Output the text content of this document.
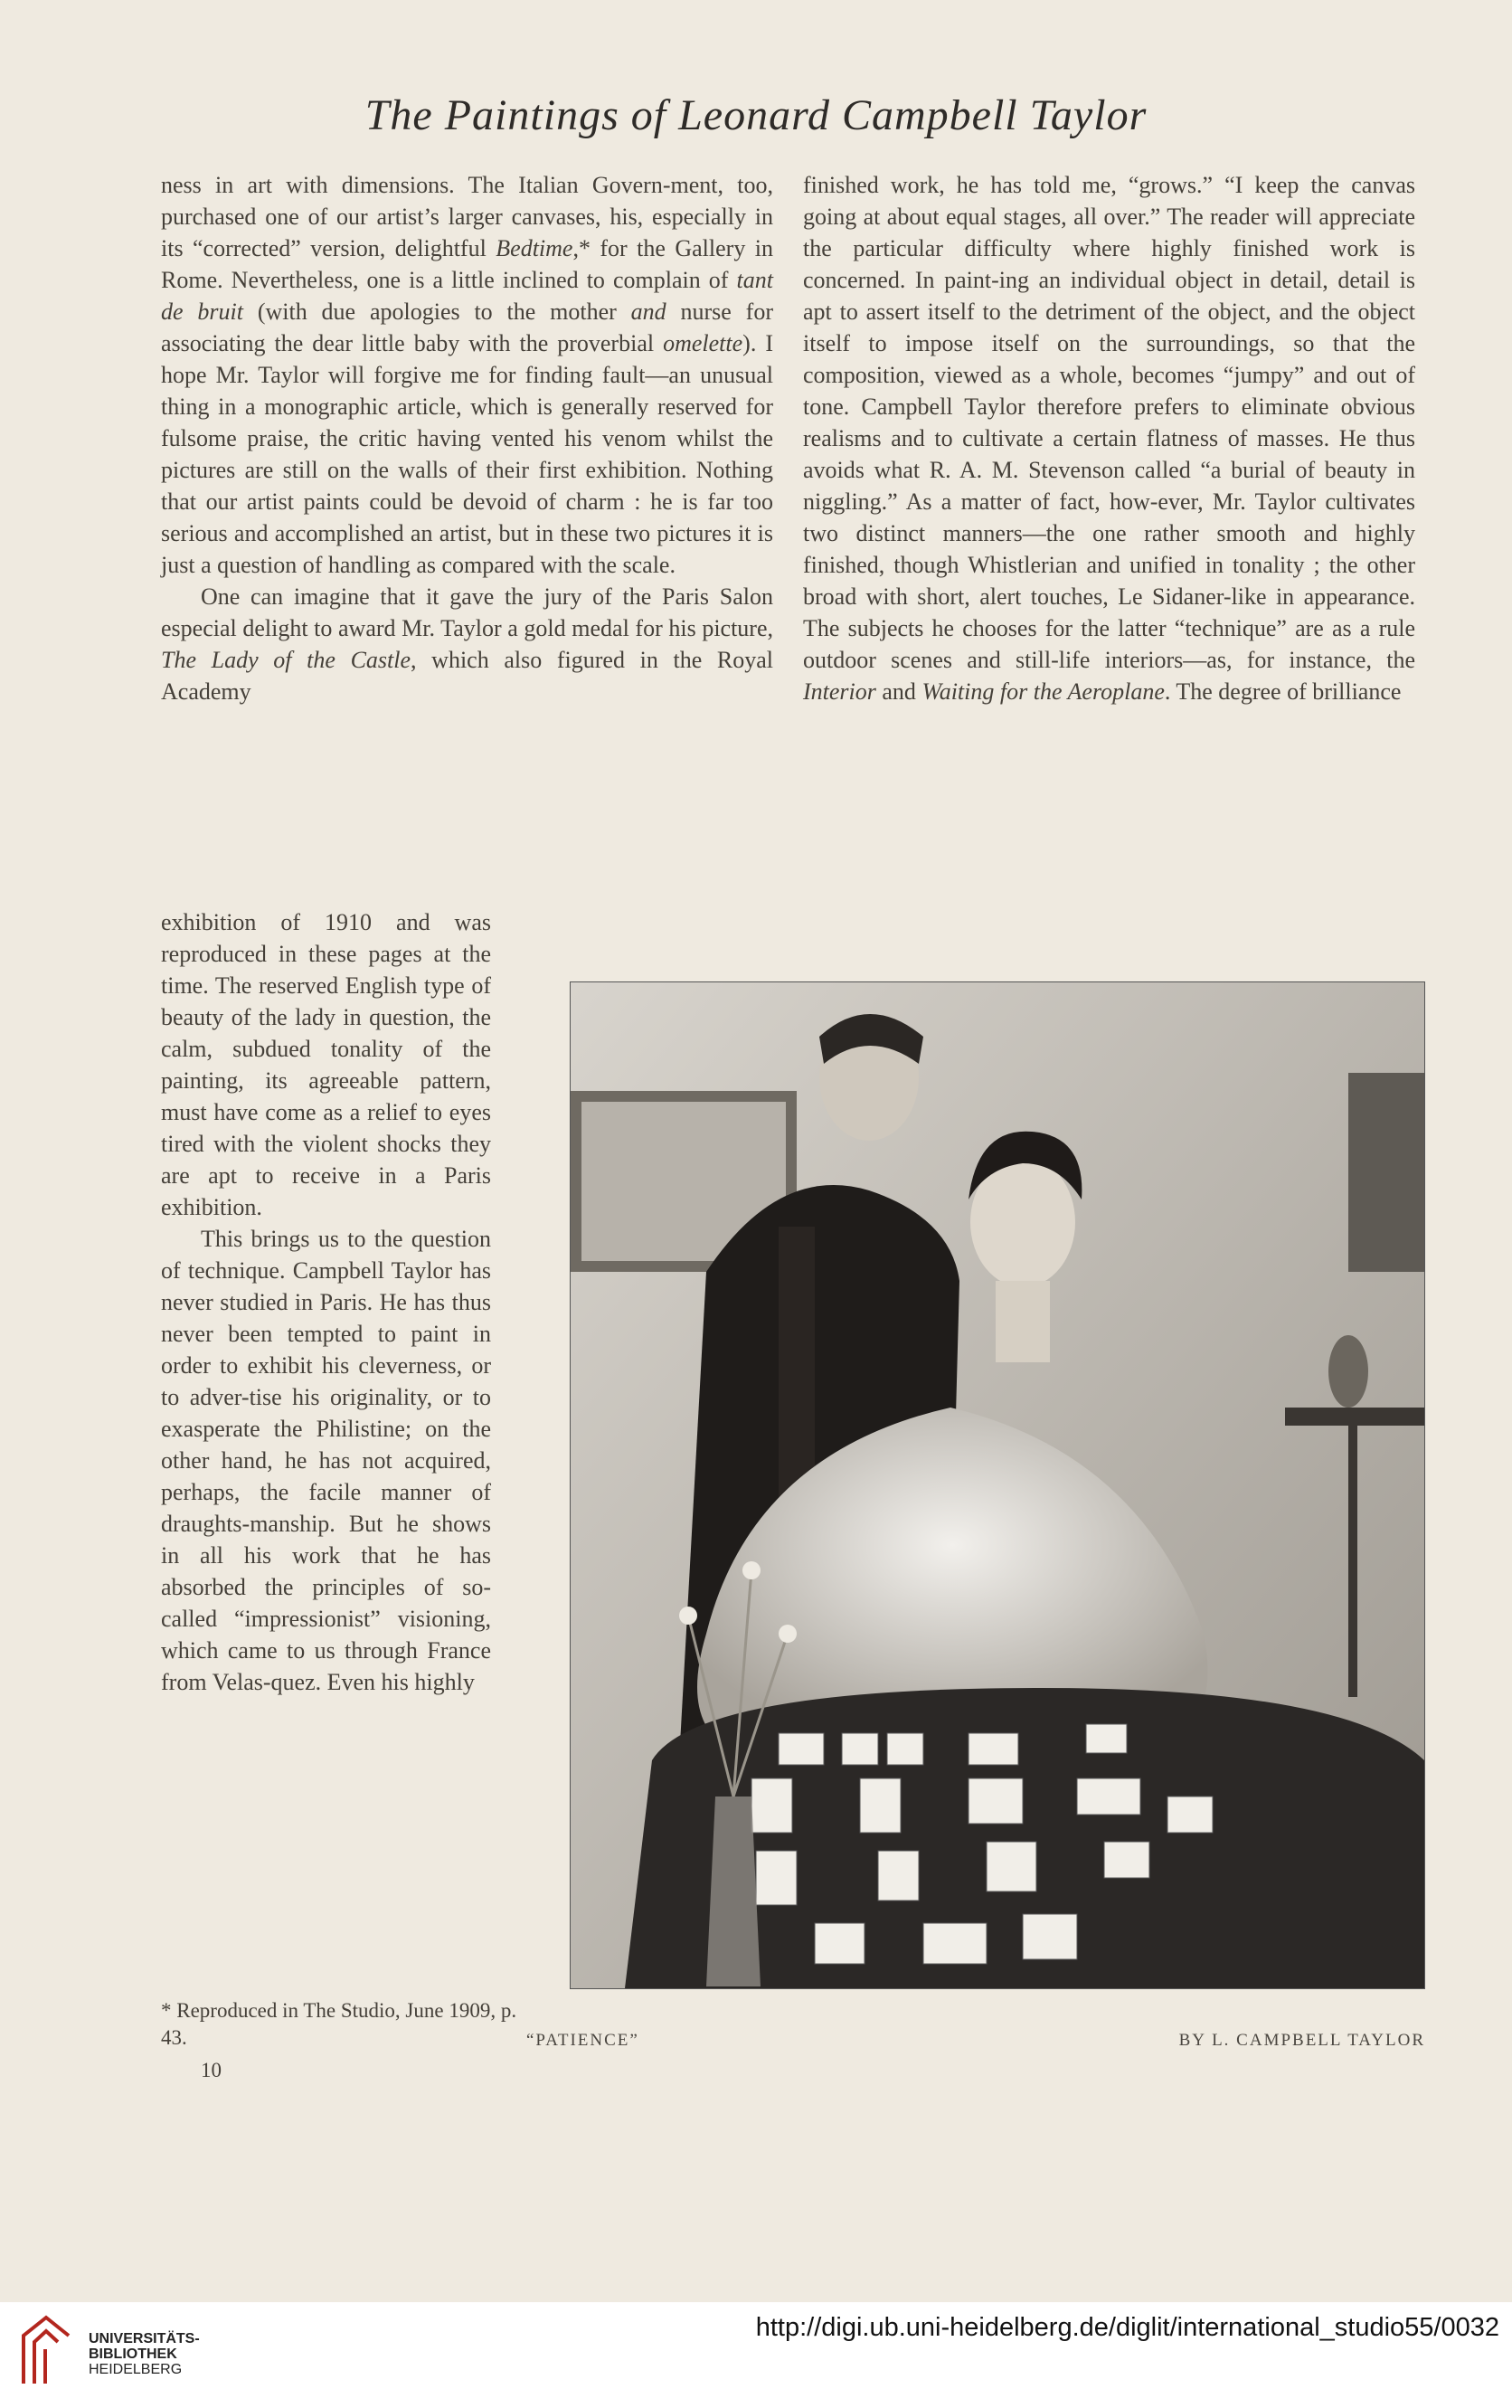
The Paintings of Leonard Campbell Taylor

ness in art with dimensions. The Italian Govern-ment, too, purchased one of our artist’s larger canvases, his, especially in its “corrected” version, delightful Bedtime,* for the Gallery in Rome. Nevertheless, one is a little inclined to complain of tant de bruit (with due apologies to the mother and nurse for associating the dear little baby with the proverbial omelette). I hope Mr. Taylor will forgive me for finding fault—an unusual thing in a monographic article, which is generally reserved for fulsome praise, the critic having vented his venom whilst the pictures are still on the walls of their first exhibition. Nothing that our artist paints could be devoid of charm : he is far too serious and accomplished an artist, but in these two pictures it is just a question of handling as compared with the scale.

One can imagine that it gave the jury of the Paris Salon especial delight to award Mr. Taylor a gold medal for his picture, The Lady of the Castle, which also figured in the Royal Academy

exhibition of 1910 and was reproduced in these pages at the time. The reserved English type of beauty of the lady in question, the calm, subdued tonality of the painting, its agreeable pattern, must have come as a relief to eyes tired with the violent shocks they are apt to receive in a Paris exhibition.

This brings us to the question of technique. Campbell Taylor has never studied in Paris. He has thus never been tempted to paint in order to exhibit his cleverness, or to adver-tise his originality, or to exasperate the Philistine; on the other hand, he has not acquired, perhaps, the facile manner of draughts-manship. But he shows in all his work that he has absorbed the principles of so-called “impressionist” visioning, which came to us through France from Velas-quez. Even his highly

finished work, he has told me, “grows.” “I keep the canvas going at about equal stages, all over.” The reader will appreciate the particular difficulty where highly finished work is concerned. In paint-ing an individual object in detail, detail is apt to assert itself to the detriment of the object, and the object itself to impose itself on the surroundings, so that the composition, viewed as a whole, becomes “jumpy” and out of tone. Campbell Taylor therefore prefers to eliminate obvious realisms and to cultivate a certain flatness of masses. He thus avoids what R. A. M. Stevenson called “a burial of beauty in niggling.” As a matter of fact, how-ever, Mr. Taylor cultivates two distinct manners—the one rather smooth and highly finished, though Whistlerian and unified in tonality ; the other broad with short, alert touches, Le Sidaner-like in appearance. The subjects he chooses for the latter “technique” are as a rule outdoor scenes and still-life interiors—as, for instance, the Interior and Waiting for the Aeroplane. The degree of brilliance

* Reproduced in The Studio, June 1909, p. 43.
10
“PATIENCE”	BY L. CAMPBELL TAYLOR
UNIVERSITÄTS-
BIBLIOTHEK
HEIDELBERG
http://digi.ub.uni-heidelberg.de/diglit/international_studio55/0032
